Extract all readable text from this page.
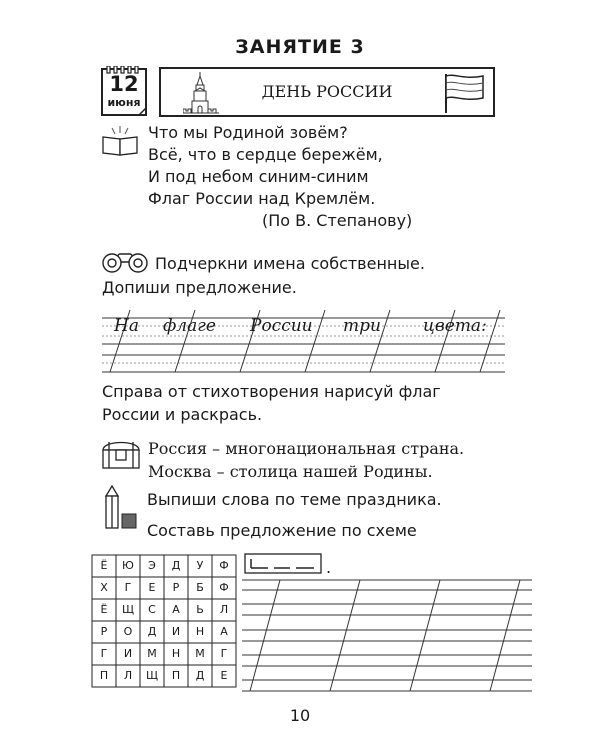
ЗАНЯТИЕ 3
12
июня
ДЕНЬ РОССИИ
Что мы Родиной зовём?
Всё, что в сердце бережём,
И под небом синим-синим
Флаг России над Кремлём.
(По В. Степанову)
Подчеркни имена собственные.
Допиши предложение.
На флаге России три цвета:
Справа от стихотворения нарисуй флаг
России и раскрась.
Россия – многонациональная страна.
Москва – столица нашей Родины.
Выпиши слова по теме праздника.
Составь предложение по схеме
Ё	Ю	Э	Д	У	Ф
Х	Г	Е	Р	Б	Ф
Ё	Щ	С	А	Ь	Л
Р	О	Д	И	Н	А
Г	И	М	Н	М	Г
П	Л	Щ	П	Д	Е
.
10
